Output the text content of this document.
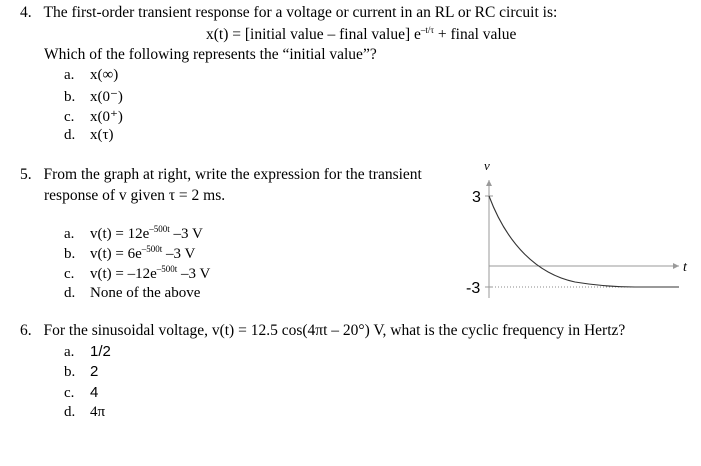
4. The first-order transient response for a voltage or current in an RL or RC circuit is:
x(t) = [initial value – final value] $e^{-t/\tau}$ + final value
Which of the following represents the “initial value”?
a. x(∞)
b. x(0⁻)
c. x(0⁺)
d. x(τ)
5. From the graph at right, write the expression for the transient
response of v given τ = 2 ms.
a. $v(t) = 12e^{-500t}$ –3 V
b. $v(t) = 6e^{-500t}$ –3 V
c. $v(t) = -12e^{-500t}$ –3 V
d. None of the above
v
t
3
-3
6. For the sinusoidal voltage, v(t) = 12.5 cos(4πt – 20°) V, what is the cyclic frequency in Hertz?
a. 1/2
b. 2
c. 4
d. 4π
